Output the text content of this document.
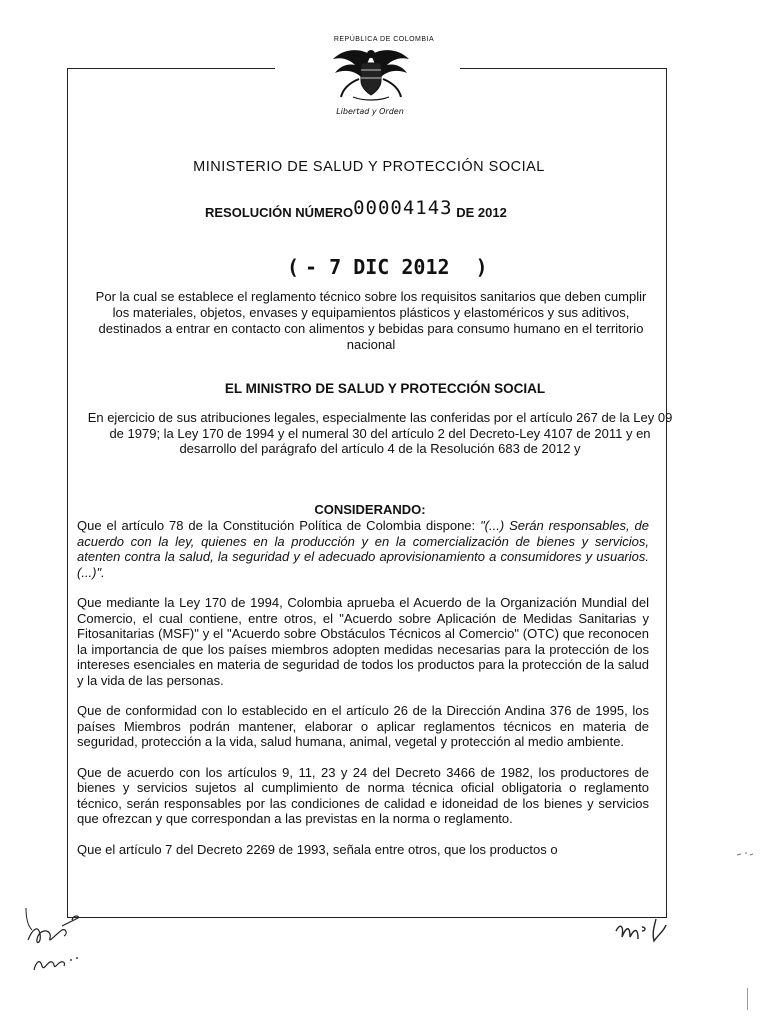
REPÚBLICA DE COLOMBIA
Libertad y Orden
MINISTERIO DE SALUD Y PROTECCIÓN SOCIAL
RESOLUCIÓN NÚMERO00004143 DE 2012
( - 7 DIC 2012 )
Por la cual se establece el reglamento técnico sobre los requisitos sanitarios que deben cumplir los materiales, objetos, envases y equipamientos plásticos y elastoméricos y sus aditivos, destinados a entrar en contacto con alimentos y bebidas para consumo humano en el territorio nacional
EL MINISTRO DE SALUD Y PROTECCIÓN SOCIAL
En ejercicio de sus atribuciones legales, especialmente las conferidas por el artículo 267 de la Ley 09 de 1979; la Ley 170 de 1994 y el numeral 30 del artículo 2 del Decreto-Ley 4107 de 2011 y en desarrollo del parágrafo del artículo 4 de la Resolución 683 de 2012 y
CONSIDERANDO:

Que el artículo 78 de la Constitución Política de Colombia dispone: "(...) Serán responsables, de acuerdo con la ley, quienes en la producción y en la comercialización de bienes y servicios, atenten contra la salud, la seguridad y el adecuado aprovisionamiento a consumidores y usuarios. (...)".

Que mediante la Ley 170 de 1994, Colombia aprueba el Acuerdo de la Organización Mundial del Comercio, el cual contiene, entre otros, el "Acuerdo sobre Aplicación de Medidas Sanitarias y Fitosanitarias (MSF)" y el "Acuerdo sobre Obstáculos Técnicos al Comercio" (OTC) que reconocen la importancia de que los países miembros adopten medidas necesarias para la protección de los intereses esenciales en materia de seguridad de todos los productos para la protección de la salud y la vida de las personas.

Que de conformidad con lo establecido en el artículo 26 de la Dirección Andina 376 de 1995, los países Miembros podrán mantener, elaborar o aplicar reglamentos técnicos en materia de seguridad, protección a la vida, salud humana, animal, vegetal y protección al medio ambiente.

Que de acuerdo con los artículos 9, 11, 23 y 24 del Decreto 3466 de 1982, los productores de bienes y servicios sujetos al cumplimiento de norma técnica oficial obligatoria o reglamento técnico, serán responsables por las condiciones de calidad e idoneidad de los bienes y servicios que ofrezcan y que correspondan a las previstas en la norma o reglamento.

Que el artículo 7 del Decreto 2269 de 1993, señala entre otros, que los productos o
